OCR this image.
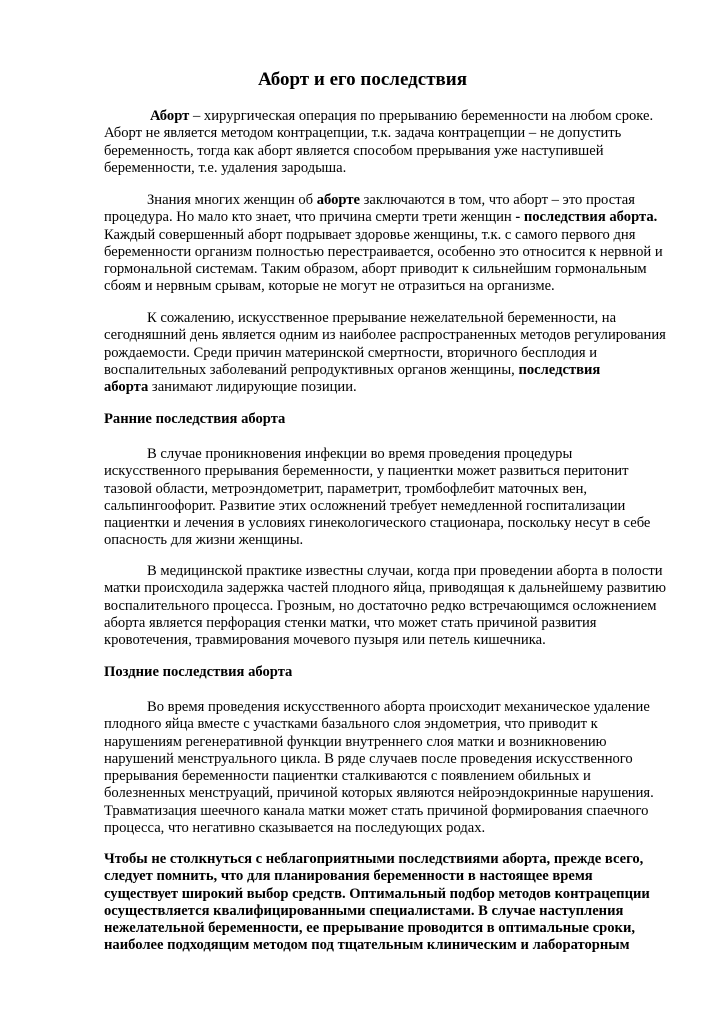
Аборт и его последствия
Аборт – хирургическая операция по прерыванию беременности на любом сроке.
Аборт не является методом контрацепции, т.к. задача контрацепции – не допустить
беременность, тогда как аборт является способом прерывания уже наступившей
беременности, т.е. удаления зародыша.
Знания многих женщин об аборте заключаются в том, что аборт – это простая
процедура. Но мало кто знает, что причина смерти трети женщин - последствия аборта.
Каждый совершенный аборт подрывает здоровье женщины, т.к. с самого первого дня
беременности организм полностью перестраивается, особенно это относится к нервной и
гормональной системам. Таким образом, аборт приводит к сильнейшим гормональным
сбоям и нервным срывам, которые не могут не отразиться на организме.
К сожалению, искусственное прерывание нежелательной беременности, на
сегодняшний день является одним из наиболее распространенных методов регулирования
рождаемости. Среди причин материнской смертности, вторичного бесплодия и
воспалительных заболеваний репродуктивных органов женщины, последствия
аборта занимают лидирующие позиции.
Ранние последствия аборта
В случае проникновения инфекции во время проведения процедуры
искусственного прерывания беременности, у пациентки может развиться перитонит
тазовой области, метроэндометрит, параметрит, тромбофлебит маточных вен,
сальпингоофорит. Развитие этих осложнений требует немедленной госпитализации
пациентки и лечения в условиях гинекологического стационара, поскольку несут в себе
опасность для жизни женщины.
В медицинской практике известны случаи, когда при проведении аборта в полости
матки происходила задержка частей плодного яйца, приводящая к дальнейшему развитию
воспалительного процесса. Грозным, но достаточно редко встречающимся осложнением
аборта является перфорация стенки матки, что может стать причиной развития
кровотечения, травмирования мочевого пузыря или петель кишечника.
Поздние последствия аборта
Во время проведения искусственного аборта происходит механическое удаление
плодного яйца вместе с участками базального слоя эндометрия, что приводит к
нарушениям регенеративной функции внутреннего слоя матки и возникновению
нарушений менструального цикла. В ряде случаев после проведения искусственного
прерывания беременности пациентки сталкиваются с появлением обильных и
болезненных менструаций, причиной которых являются нейроэндокринные нарушения.
Травматизация шеечного канала матки может стать причиной формирования спаечного
процесса, что негативно сказывается на последующих родах.
Чтобы не столкнуться с неблагоприятными последствиями аборта, прежде всего,
следует помнить, что для планирования беременности в настоящее время
существует широкий выбор средств. Оптимальный подбор методов контрацепции
осуществляется квалифицированными специалистами. В случае наступления
нежелательной беременности, ее прерывание проводится в оптимальные сроки,
наиболее подходящим методом под тщательным клиническим и лабораторным
